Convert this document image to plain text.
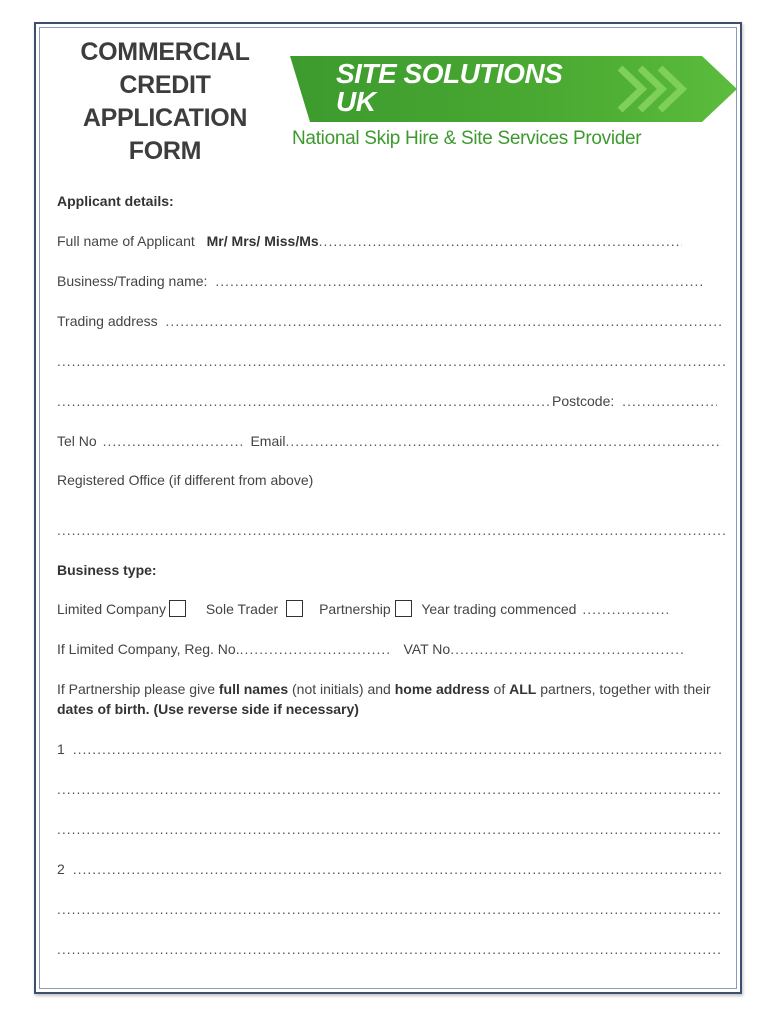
COMMERCIAL
CREDIT
APPLICATION
FORM
SITE SOLUTIONS
UK
National Skip Hire & Site Services Provider
Applicant details:
Full name of Applicant Mr/ Mrs/ Miss/Ms.....
Business/Trading name: .....
Trading address .....
.....
.....Postcode: .....
Tel No .....	Email.....
Registered Office (if different from above)
.....
Business type:
Limited Company	Sole Trader	Partnership Year trading commenced .....
If Limited Company, Reg. No. .....	VAT No.....
If Partnership please give full names (not initials) and home address of ALL partners, together with their dates of birth. (Use reverse side if necessary)
1 .....
.....
.....
2 .....
.....
.....
